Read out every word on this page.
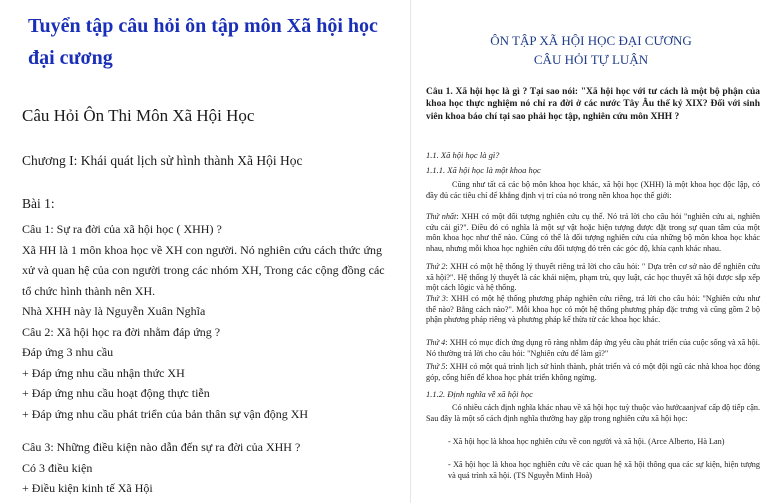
Tuyển tập câu hỏi ôn tập môn Xã hội học đại cương
Câu Hỏi Ôn Thi Môn Xã Hội Học
Chương I: Khái quát lịch sử hình thành Xã Hội Học
Bài 1:
Câu 1: Sự ra đời của xã hội học ( XHH) ?
Xã HH là 1 môn khoa học về XH con người. Nó nghiên cứu cách thức ứng
xử và quan hệ của con người trong các nhóm XH, Trong các cộng đồng các
tổ chức hình thành nên XH.
Nhà XHH này là Nguyễn Xuân Nghĩa
Câu 2: Xã hội học ra đời nhằm đáp ứng ?
Đáp ứng 3 nhu cầu
+ Đáp ứng nhu cầu nhận thức XH
+ Đáp ứng nhu cầu hoạt động thực tiễn
+ Đáp ứng nhu cầu phát triển của bản thân sự vận động XH
Câu 3: Những điều kiện nào dẫn đến sự ra đời của XHH ?
Có 3 điều kiện
+ Điều kiện kinh tế Xã Hội
ÔN TẬP XÃ HỘI HỌC ĐẠI CƯƠNG
CÂU HỎI TỰ LUẬN

Câu 1. Xã hội học là gì ? Tại sao nói: "Xã hội học với tư cách là một bộ phận của khoa học thực nghiệm nó chỉ ra đời ở các nước Tây Âu thế kỷ XIX? Đối với sinh viên khoa báo chí tại sao phải học tập, nghiên cứu môn XHH ?

1.1. Xã hội học là gì?

1.1.1. Xã hội học là một khoa học

Cũng như tất cả các bộ môn khoa học khác, xã hội học (XHH) là một khoa học độc lập, có đầy đủ các tiêu chí để khẳng định vị trí của nó trong nền khoa học thế giới:

Thứ nhất: XHH có một đối tượng nghiên cứu cụ thể. Nó trả lời cho câu hỏi "nghiên cứu ai, nghiên cứu cái gì?". Điều đó có nghĩa là một sự vật hoặc hiện tượng được đặt trong sự quan tâm của một môn khoa học như thế nào. Cũng có thể là đối tượng nghiên cứu của những bộ môn khoa học khác nhau, nhưng mỗi khoa học nghiên cứu đối tượng đó trên các góc độ, khía cạnh khác nhau.

Thứ 2: XHH có một hệ thống lý thuyết riêng trả lời cho câu hỏi: " Dựa trên cơ sở nào để nghiên cứu xã hội?". Hệ thống lý thuyết là các khái niệm, phạm trù, quy luật, các học thuyết xã hội được sắp xếp một cách lôgic và hệ thống.

Thứ 3: XHH có một hệ thống phương pháp nghiên cứu riêng, trả lời cho câu hỏi: "Nghiên cứu như thế nào? Bằng cách nào?". Mỗi khoa học có một hệ thống phương pháp đặc trưng và cũng gồm 2 bộ phận phương pháp riêng và phương pháp kế thừa từ các khoa học khác.

Thứ 4: XHH có mục đích ứng dụng rõ ràng nhằm đáp ứng yêu cầu phát triển của cuộc sống và xã hội. Nó thường trả lời cho câu hỏi: "Nghiên cứu để làm gì?"

Thứ 5: XHH có một quá trình lịch sử hình thành, phát triển và có một đội ngũ các nhà khoa học đóng góp, cống hiến để khoa học phát triển không ngừng.

1.1.2. Định nghĩa về xã hội học

Có nhiều cách định nghĩa khác nhau về xã hội học tuỳ thuộc vào hướcaanjvaf cấp độ tiếp cận. Sau đây là một số cách định nghĩa thường hay gặp trong nghiên cứu xã hội học:

- Xã hội học là khoa học nghiên cứu về con người và xã hội. (Arce Alberto, Hà Lan)

- Xã hội học là khoa học nghiên cứu về các quan hệ xã hội thông qua các sự kiện, hiện tượng và quá trình xã hội. (TS Nguyễn Minh Hoà)
